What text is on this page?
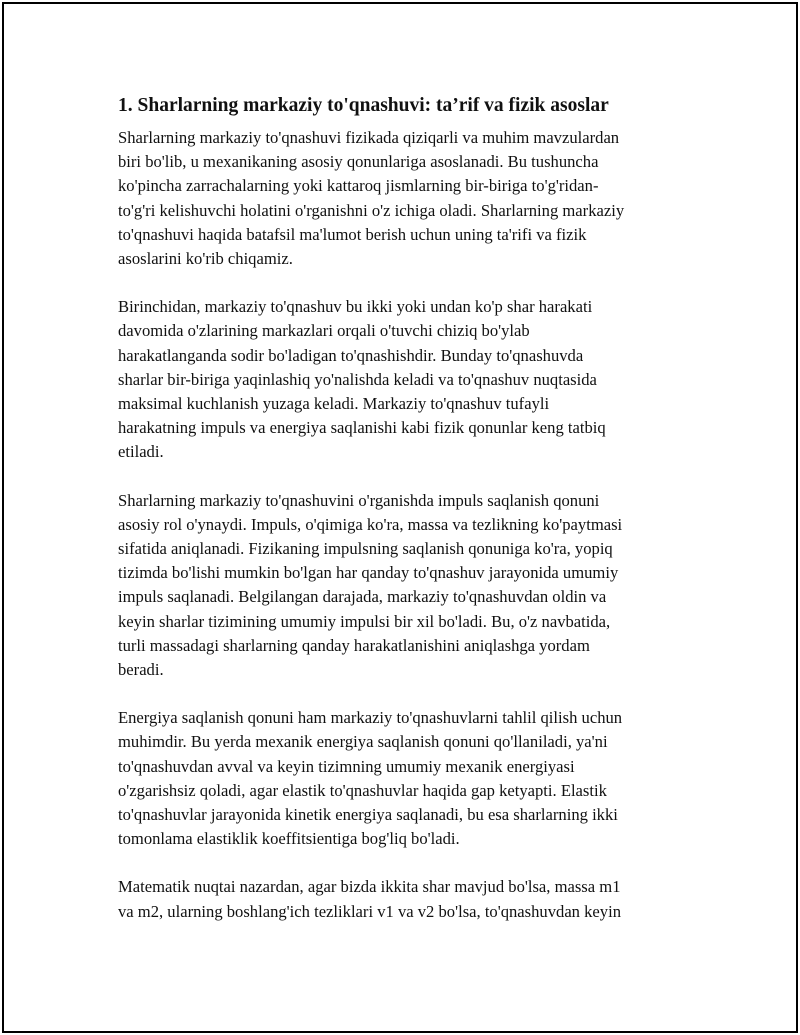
1. Sharlarning markaziy to'qnashuvi: ta’rif va fizik asoslar

Sharlarning markaziy to'qnashuvi fizikada qiziqarli va muhim mavzulardan
biri bo'lib, u mexanikaning asosiy qonunlariga asoslanadi. Bu tushuncha
ko'pincha zarrachalarning yoki kattaroq jismlarning bir-biriga to'g'ridan-
to'g'ri kelishuvchi holatini o'rganishni o'z ichiga oladi. Sharlarning markaziy
to'qnashuvi haqida batafsil ma'lumot berish uchun uning ta'rifi va fizik
asoslarini ko'rib chiqamiz.

Birinchidan, markaziy to'qnashuv bu ikki yoki undan ko'p shar harakati
davomida o'zlarining markazlari orqali o'tuvchi chiziq bo'ylab
harakatlanganda sodir bo'ladigan to'qnashishdir. Bunday to'qnashuvda
sharlar bir-biriga yaqinlashiq yo'nalishda keladi va to'qnashuv nuqtasida
maksimal kuchlanish yuzaga keladi. Markaziy to'qnashuv tufayli
harakatning impuls va energiya saqlanishi kabi fizik qonunlar keng tatbiq
etiladi.

Sharlarning markaziy to'qnashuvini o'rganishda impuls saqlanish qonuni
asosiy rol o'ynaydi. Impuls, o'qimiga ko'ra, massa va tezlikning ko'paytmasi
sifatida aniqlanadi. Fizikaning impulsning saqlanish qonuniga ko'ra, yopiq
tizimda bo'lishi mumkin bo'lgan har qanday to'qnashuv jarayonida umumiy
impuls saqlanadi. Belgilangan darajada, markaziy to'qnashuvdan oldin va
keyin sharlar tizimining umumiy impulsi bir xil bo'ladi. Bu, o'z navbatida,
turli massadagi sharlarning qanday harakatlanishini aniqlashga yordam
beradi.

Energiya saqlanish qonuni ham markaziy to'qnashuvlarni tahlil qilish uchun
muhimdir. Bu yerda mexanik energiya saqlanish qonuni qo'llaniladi, ya'ni
to'qnashuvdan avval va keyin tizimning umumiy mexanik energiyasi
o'zgarishsiz qoladi, agar elastik to'qnashuvlar haqida gap ketyapti. Elastik
to'qnashuvlar jarayonida kinetik energiya saqlanadi, bu esa sharlarning ikki
tomonlama elastiklik koeffitsientiga bog'liq bo'ladi.

Matematik nuqtai nazardan, agar bizda ikkita shar mavjud bo'lsa, massa m1
va m2, ularning boshlang'ich tezliklari v1 va v2 bo'lsa, to'qnashuvdan keyin
